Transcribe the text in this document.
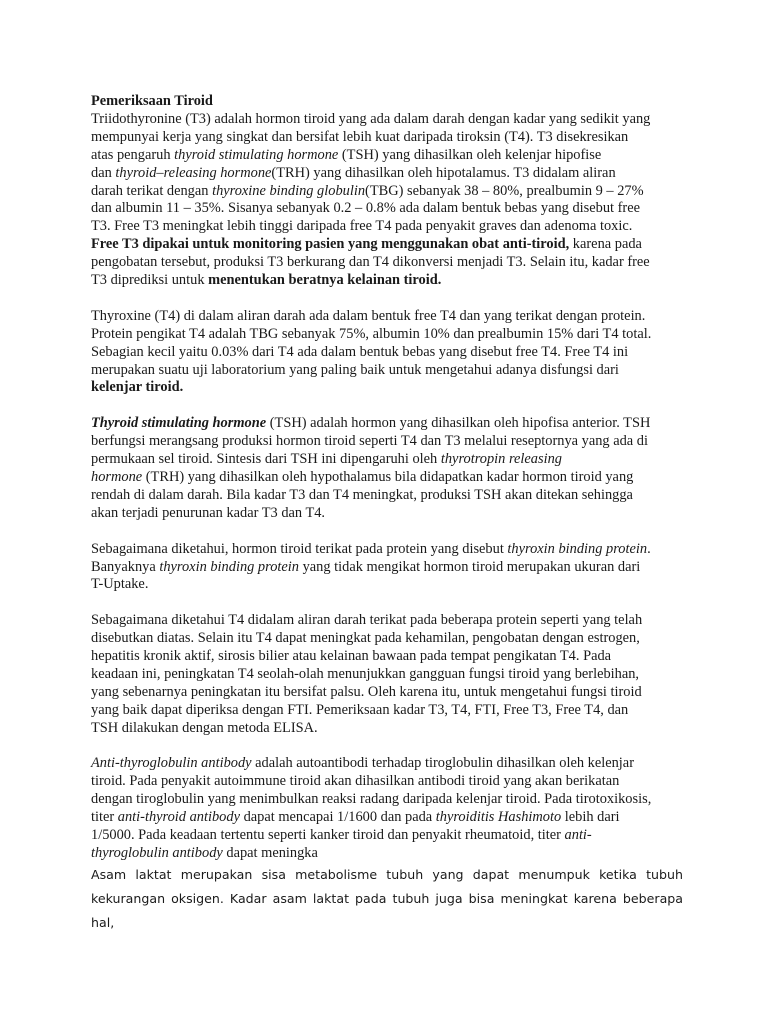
Pemeriksaan Tiroid

Triidothyronine (T3) adalah hormon tiroid yang ada dalam darah dengan kadar yang sedikit yang

mempunyai kerja yang singkat dan bersifat lebih kuat daripada tiroksin (T4). T3 disekresikan

atas pengaruh thyroid stimulating hormone (TSH) yang dihasilkan oleh kelenjar hipofise

dan thyroid–releasing hormone(TRH) yang dihasilkan oleh hipotalamus. T3 didalam aliran

darah terikat dengan thyroxine binding globulin(TBG) sebanyak 38 – 80%, prealbumin 9 – 27%

dan albumin 11 – 35%. Sisanya sebanyak 0.2 – 0.8% ada dalam bentuk bebas yang disebut free

T3. Free T3 meningkat lebih tinggi daripada free T4 pada penyakit graves dan adenoma toxic.

Free T3 dipakai untuk monitoring pasien yang menggunakan obat anti-tiroid, karena pada

pengobatan tersebut, produksi T3 berkurang dan T4 dikonversi menjadi T3. Selain itu, kadar free

T3 diprediksi untuk menentukan beratnya kelainan tiroid.

Thyroxine (T4) di dalam aliran darah ada dalam bentuk free T4 dan yang terikat dengan protein.

Protein pengikat T4 adalah TBG sebanyak 75%, albumin 10% dan prealbumin 15% dari T4 total.

Sebagian kecil yaitu 0.03% dari T4 ada dalam bentuk bebas yang disebut free T4. Free T4 ini

merupakan suatu uji laboratorium yang paling baik untuk mengetahui adanya disfungsi dari

kelenjar tiroid.

Thyroid stimulating hormone (TSH) adalah hormon yang dihasilkan oleh hipofisa anterior. TSH

berfungsi merangsang produksi hormon tiroid seperti T4 dan T3 melalui reseptornya yang ada di

permukaan sel tiroid. Sintesis dari TSH ini dipengaruhi oleh thyrotropin releasing

hormone (TRH) yang dihasilkan oleh hypothalamus bila didapatkan kadar hormon tiroid yang

rendah di dalam darah. Bila kadar T3 dan T4 meningkat, produksi TSH akan ditekan sehingga

akan terjadi penurunan kadar T3 dan T4.

Sebagaimana diketahui, hormon tiroid terikat pada protein yang disebut thyroxin binding protein.

Banyaknya thyroxin binding protein yang tidak mengikat hormon tiroid merupakan ukuran dari

T-Uptake.

Sebagaimana diketahui T4 didalam aliran darah terikat pada beberapa protein seperti yang telah

disebutkan diatas. Selain itu T4 dapat meningkat pada kehamilan, pengobatan dengan estrogen,

hepatitis kronik aktif, sirosis bilier atau kelainan bawaan pada tempat pengikatan T4. Pada

keadaan ini, peningkatan T4 seolah-olah menunjukkan gangguan fungsi tiroid yang berlebihan,

yang sebenarnya peningkatan itu bersifat palsu. Oleh karena itu, untuk mengetahui fungsi tiroid

yang baik dapat diperiksa dengan FTI. Pemeriksaan kadar T3, T4, FTI, Free T3, Free T4, dan

TSH dilakukan dengan metoda ELISA.

Anti-thyroglobulin antibody adalah autoantibodi terhadap tiroglobulin dihasilkan oleh kelenjar

tiroid. Pada penyakit autoimmune tiroid akan dihasilkan antibodi tiroid yang akan berikatan

dengan tiroglobulin yang menimbulkan reaksi radang daripada kelenjar tiroid. Pada tirotoxikosis,

titer anti-thyroid antibody dapat mencapai 1/1600 dan pada thyroiditis Hashimoto lebih dari

1/5000. Pada keadaan tertentu seperti kanker tiroid dan penyakit rheumatoid, titer anti-

thyroglobulin antibody dapat meningka

Asam laktat merupakan sisa metabolisme tubuh yang dapat menumpuk ketika tubuh

kekurangan oksigen. Kadar asam laktat pada tubuh juga bisa meningkat karena beberapa hal,
